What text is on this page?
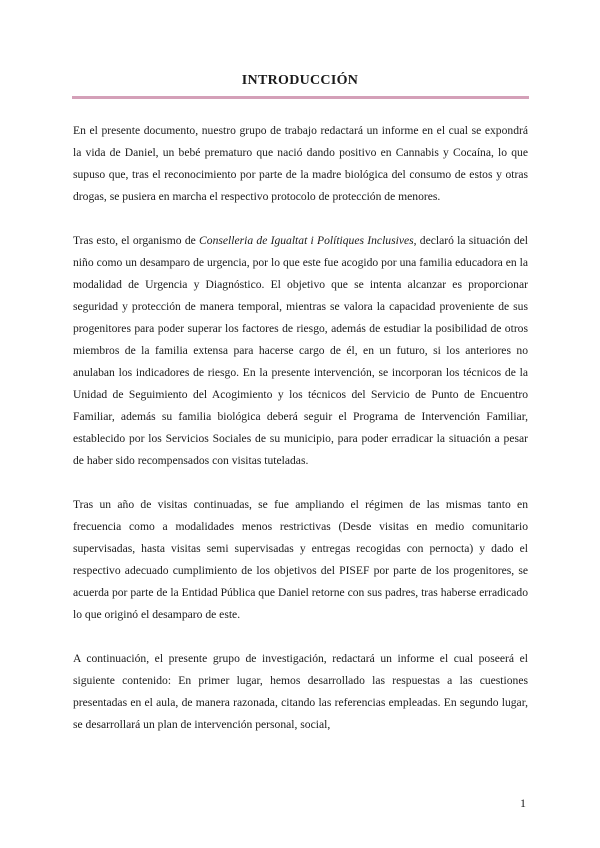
INTRODUCCIÓN

En el presente documento, nuestro grupo de trabajo redactará un informe en el cual se expondrá la vida de Daniel, un bebé prematuro que nació dando positivo en Cannabis y Cocaína, lo que supuso que, tras el reconocimiento por parte de la madre biológica del consumo de estos y otras drogas, se pusiera en marcha el respectivo protocolo de protección de menores.

Tras esto, el organismo de Conselleria de Igualtat i Polítiques Inclusives, declaró la situación del niño como un desamparo de urgencia, por lo que este fue acogido por una familia educadora en la modalidad de Urgencia y Diagnóstico. El objetivo que se intenta alcanzar es proporcionar seguridad y protección de manera temporal, mientras se valora la capacidad proveniente de sus progenitores para poder superar los factores de riesgo, además de estudiar la posibilidad de otros miembros de la familia extensa para hacerse cargo de él, en un futuro, si los anteriores no anulaban los indicadores de riesgo. En la presente intervención, se incorporan los técnicos de la Unidad de Seguimiento del Acogimiento y los técnicos del Servicio de Punto de Encuentro Familiar, además su familia biológica deberá seguir el Programa de Intervención Familiar, establecido por los Servicios Sociales de su municipio, para poder erradicar la situación a pesar de haber sido recompensados con visitas tuteladas.

Tras un año de visitas continuadas, se fue ampliando el régimen de las mismas tanto en frecuencia como a modalidades menos restrictivas (Desde visitas en medio comunitario supervisadas, hasta visitas semi supervisadas y entregas recogidas con pernocta) y dado el respectivo adecuado cumplimiento de los objetivos del PISEF por parte de los progenitores, se acuerda por parte de la Entidad Pública que Daniel retorne con sus padres, tras haberse erradicado lo que originó el desamparo de este.

A continuación, el presente grupo de investigación, redactará un informe el cual poseerá el siguiente contenido: En primer lugar, hemos desarrollado las respuestas a las cuestiones presentadas en el aula, de manera razonada, citando las referencias empleadas. En segundo lugar, se desarrollará un plan de intervención personal, social,

1
